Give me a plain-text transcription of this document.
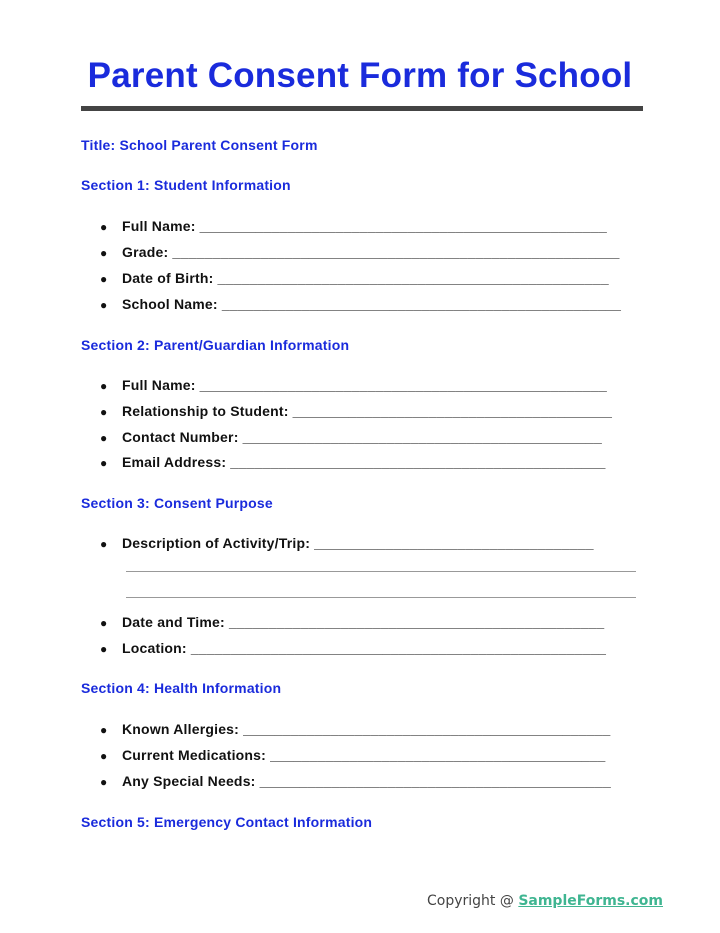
Parent Consent Form for School
Title: School Parent Consent Form
Section 1: Student Information
● Full Name: ___________________________________________________
● Grade: ________________________________________________________
● Date of Birth: _________________________________________________
● School Name: __________________________________________________
Section 2: Parent/Guardian Information
● Full Name: ___________________________________________________
● Relationship to Student: ________________________________________
● Contact Number: _____________________________________________
● Email Address: _______________________________________________
Section 3: Consent Purpose
● Description of Activity/Trip: ___________________________________
● Date and Time: _______________________________________________
● Location: ____________________________________________________
Section 4: Health Information
● Known Allergies: ______________________________________________
● Current Medications: __________________________________________
● Any Special Needs: ____________________________________________
Section 5: Emergency Contact Information
Copyright @ SampleForms.com
